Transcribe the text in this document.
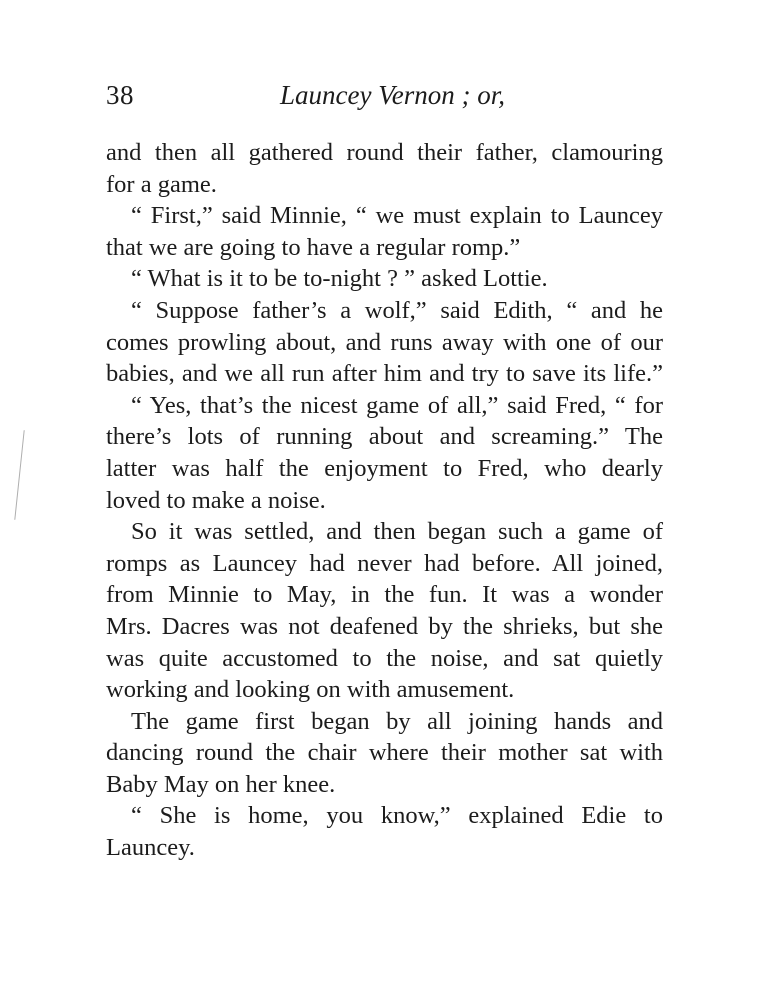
38	Launcey Vernon ; or,
and then all gathered round their father, clamouring
for a game.
“ First,” said Minnie, “ we must explain to Launcey
that we are going to have a regular romp.”
“ What is it to be to-night ? ” asked Lottie.
“ Suppose father’s a wolf,” said Edith, “ and he
comes prowling about, and runs away with one of our
babies, and we all run after him and try to save its life.”
“ Yes, that’s the nicest game of all,” said Fred, “ for
there’s lots of running about and screaming.” The
latter was half the enjoyment to Fred, who dearly
loved to make a noise.
So it was settled, and then began such a game of
romps as Launcey had never had before. All joined,
from Minnie to May, in the fun. It was a wonder
Mrs. Dacres was not deafened by the shrieks, but she
was quite accustomed to the noise, and sat quietly
working and looking on with amusement.
The game first began by all joining hands and
dancing round the chair where their mother sat with
Baby May on her knee.
“ She is home, you know,” explained Edie to
Launcey.
